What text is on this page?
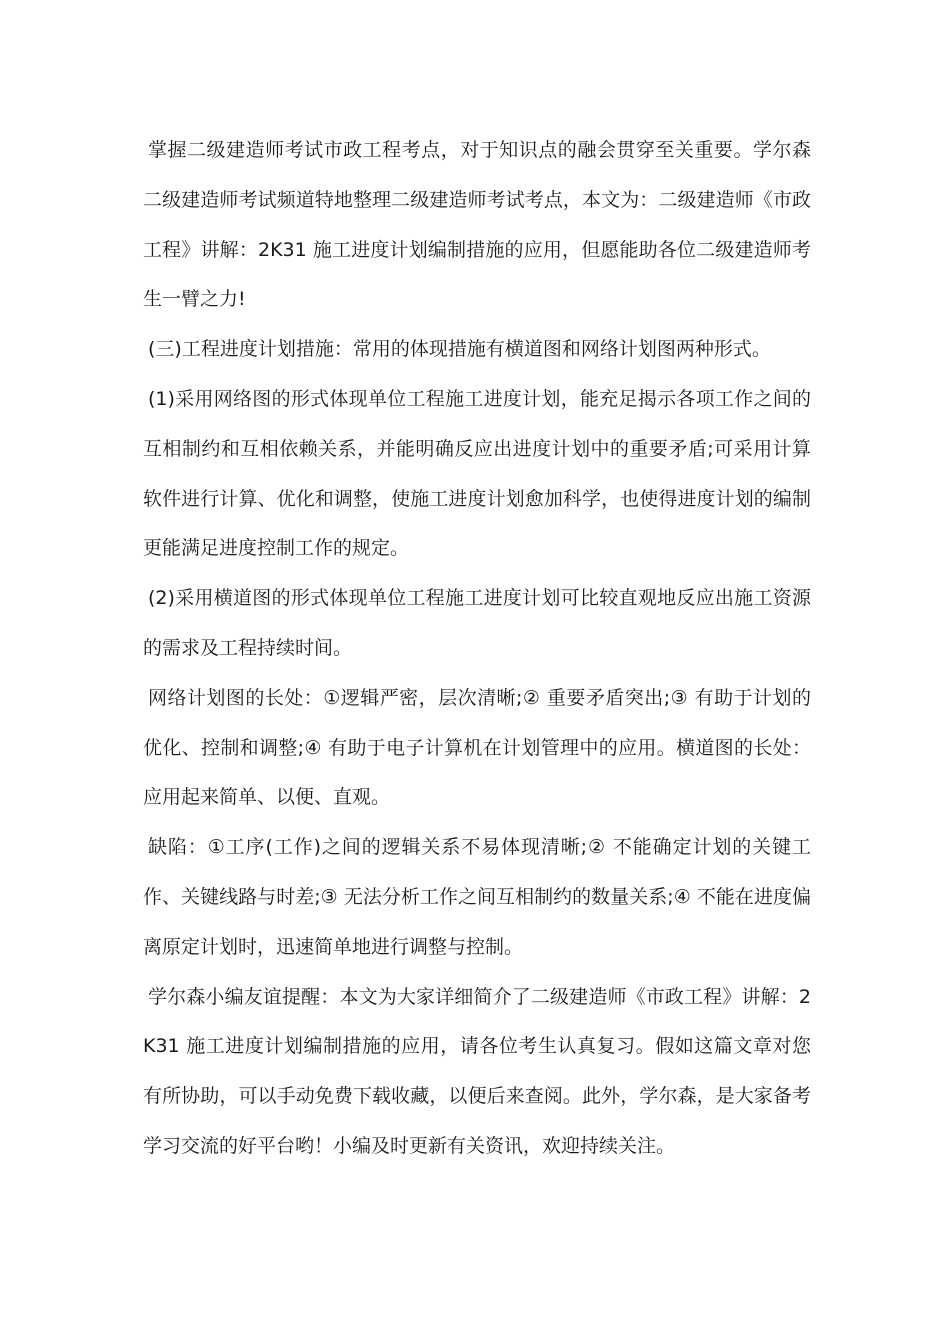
掌握二级建造师考试市政工程考点，对于知识点的融会贯穿至关重要。学尔森二级建造师考试频道特地整理二级建造师考试考点，本文为：二级建造师《市政工程》讲解：2K31 施工进度计划编制措施的应用，但愿能助各位二级建造师考生一臂之力!

(三)工程进度计划措施：常用的体现措施有横道图和网络计划图两种形式。

(1)采用网络图的形式体现单位工程施工进度计划，能充足揭示各项工作之间的互相制约和互相依赖关系，并能明确反应出进度计划中的重要矛盾;可采用计算软件进行计算、优化和调整，使施工进度计划愈加科学，也使得进度计划的编制更能满足进度控制工作的规定。

(2)采用横道图的形式体现单位工程施工进度计划可比较直观地反应出施工资源的需求及工程持续时间。

网络计划图的长处：①逻辑严密，层次清晰;② 重要矛盾突出;③ 有助于计划的优化、控制和调整;④ 有助于电子计算机在计划管理中的应用。横道图的长处：应用起来简单、以便、直观。

缺陷：①工序(工作)之间的逻辑关系不易体现清晰;② 不能确定计划的关键工作、关键线路与时差;③ 无法分析工作之间互相制约的数量关系;④ 不能在进度偏离原定计划时，迅速简单地进行调整与控制。

学尔森小编友谊提醒：本文为大家详细简介了二级建造师《市政工程》讲解：2K31 施工进度计划编制措施的应用，请各位考生认真复习。假如这篇文章对您有所协助，可以手动免费下载收藏，以便后来查阅。此外，学尔森，是大家备考学习交流的好平台哟！小编及时更新有关资讯，欢迎持续关注。
